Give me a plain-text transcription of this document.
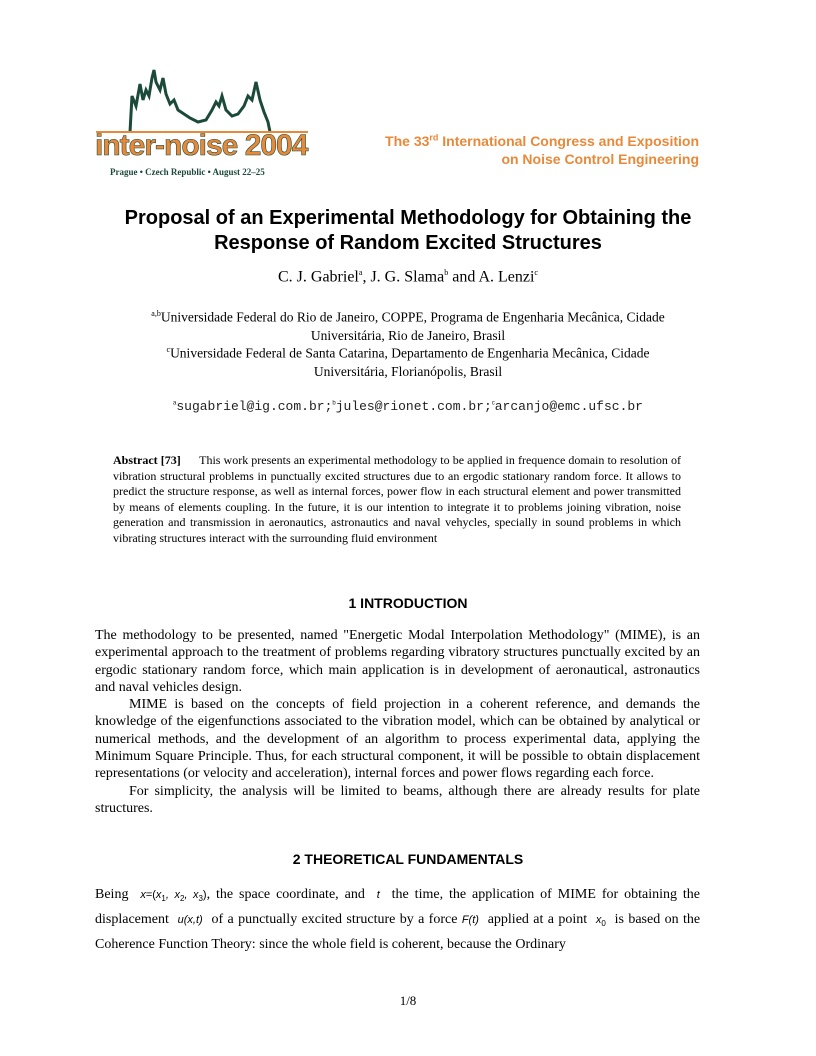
inter-noise 2004
Prague • Czech Republic • August 22–25
The 33rd International Congress and Exposition
on Noise Control Engineering
Proposal of an Experimental Methodology for Obtaining the
Response of Random Excited Structures
C. J. Gabriel$^a$, J. G. Slama$^b$ and A. Lenzi$^c$
$^{a,b}$Universidade Federal do Rio de Janeiro, COPPE, Programa de Engenharia Mecânica, Cidade
Universitária, Rio de Janeiro, Brasil
$^c$Universidade Federal de Santa Catarina, Departamento de Engenharia Mecânica, Cidade
Universitária, Florianópolis, Brasil
$^a$sugabriel@ig.com.br;$^b$jules@rionet.com.br;$^c$arcanjo@emc.ufsc.br
Abstract [73] This work presents an experimental methodology to be applied in frequence domain to resolution of vibration structural problems in punctually excited structures due to an ergodic stationary random force. It allows to predict the structure response, as well as internal forces, power flow in each structural element and power transmitted by means of elements coupling. In the future, it is our intention to integrate it to problems joining vibration, noise generation and transmission in aeronautics, astronautics and naval vehycles, specially in sound problems in which vibrating structures interact with the surrounding fluid environment
1 INTRODUCTION

The methodology to be presented, named "Energetic Modal Interpolation Methodology" (MIME), is an experimental approach to the treatment of problems regarding vibratory structures punctually excited by an ergodic stationary random force, which main application is in development of aeronautical, astronautics and naval vehicles design.

MIME is based on the concepts of field projection in a coherent reference, and demands the knowledge of the eigenfunctions associated to the vibration model, which can be obtained by analytical or numerical methods, and the development of an algorithm to process experimental data, applying the Minimum Square Principle. Thus, for each structural component, it will be possible to obtain displacement representations (or velocity and acceleration), internal forces and power flows regarding each force.

For simplicity, the analysis will be limited to beams, although there are already results for plate structures.

2 THEORETICAL FUNDAMENTALS

Being $x=(x_1$, $x_2$, $x_3$), the space coordinate, and t the time, the application of MIME for obtaining the displacement u(x,t) of a punctually excited structure by a force F(t) applied at a point $x_0$ is based on the Coherence Function Theory: since the whole field is coherent, because the Ordinary

1/8
